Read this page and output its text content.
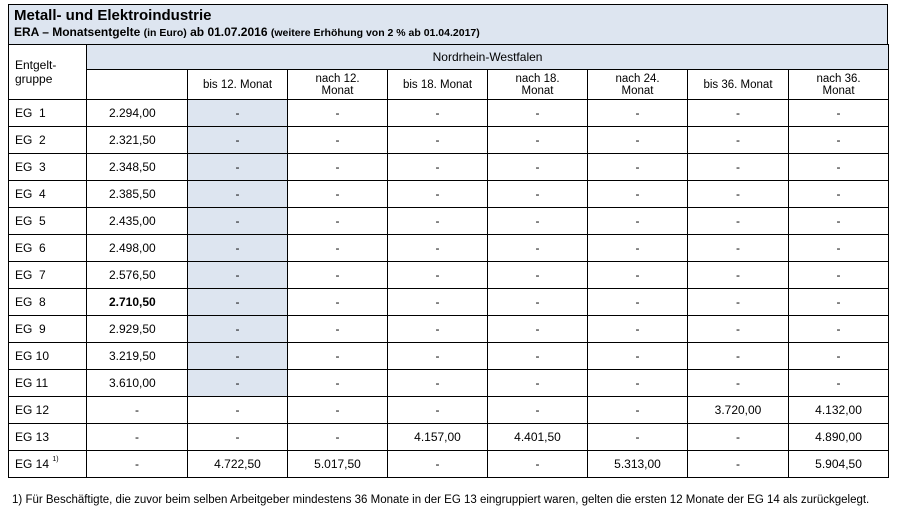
Metall- und Elektroindustrie
ERA – Monatsentgelte (in Euro) ab 01.07.2016 (weitere Erhöhung von 2 % ab 01.04.2017)
Entgelt-gruppe	Nordrhein-Westfalen							

		bis 12. Monat	nach 12. Monat	bis 18. Monat	nach 18. Monat	nach 24. Monat	bis 36. Monat	nach 36. Monat

EG  1	2.294,00	-	-	-	-	-	-	-
EG  2	2.321,50	-	-	-	-	-	-	-
EG  3	2.348,50	-	-	-	-	-	-	-
EG  4	2.385,50	-	-	-	-	-	-	-
EG  5	2.435,00	-	-	-	-	-	-	-
EG  6	2.498,00	-	-	-	-	-	-	-
EG  7	2.576,50	-	-	-	-	-	-	-
EG  8	2.710,50	-	-	-	-	-	-	-
EG  9	2.929,50	-	-	-	-	-	-	-
EG 10	3.219,50	-	-	-	-	-	-	-
EG 11	3.610,00	-	-	-	-	-	-	-
EG 12	-	-	-	-	-	-	3.720,00	4.132,00
EG 13	-	-	-	4.157,00	4.401,50	-	-	4.890,00
EG 14 $^{1)}$	-	4.722,50	5.017,50	-	-	5.313,00	-	5.904,50
1) Für Beschäftigte, die zuvor beim selben Arbeitgeber mindestens 36 Monate in der EG 13 eingruppiert waren, gelten die ersten 12 Monate der EG 14 als zurückgelegt.
